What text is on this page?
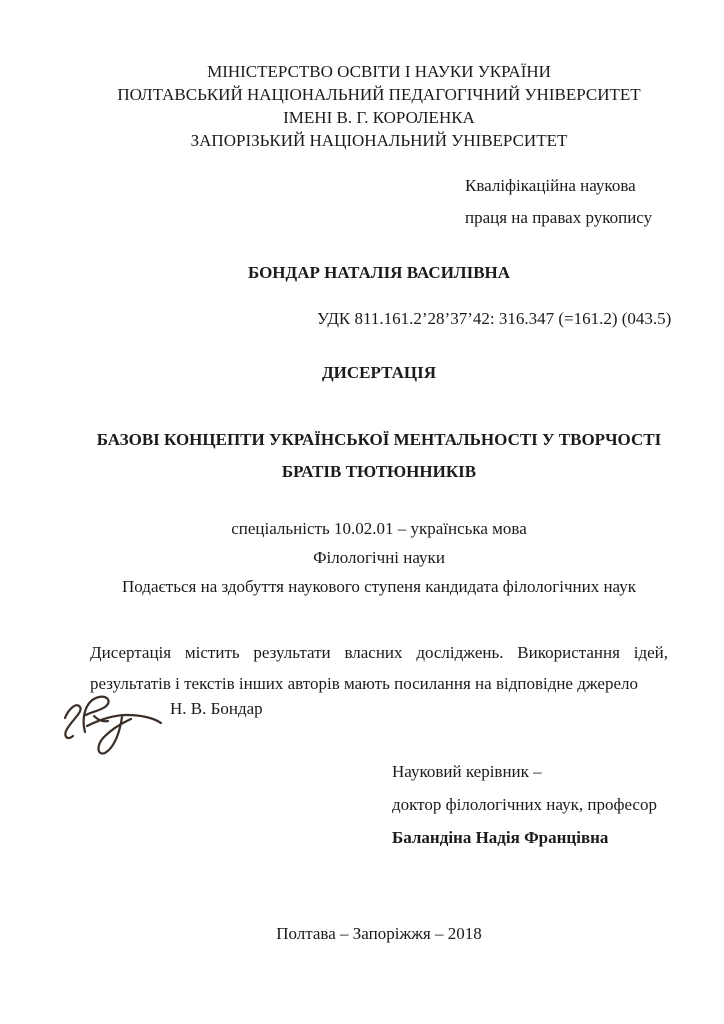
МІНІСТЕРСТВО ОСВІТИ І НАУКИ УКРАЇНИ
ПОЛТАВСЬКИЙ НАЦІОНАЛЬНИЙ ПЕДАГОГІЧНИЙ УНІВЕРСИТЕТ
ІМЕНІ В. Г. КОРОЛЕНКА
ЗАПОРІЗЬКИЙ НАЦІОНАЛЬНИЙ УНІВЕРСИТЕТ
Кваліфікаційна наукова
праця на правах рукопису
БОНДАР НАТАЛІЯ ВАСИЛІВНА
УДК 811.161.2’28’37’42: 316.347 (=161.2) (043.5)
ДИСЕРТАЦІЯ
БАЗОВІ КОНЦЕПТИ УКРАЇНСЬКОЇ МЕНТАЛЬНОСТІ У ТВОРЧОСТІ
БРАТІВ ТЮТЮННИКІВ
спеціальність 10.02.01 – українська мова
Філологічні науки
Подається на здобуття наукового ступеня кандидата філологічних наук
Дисертація містить результати власних досліджень. Використання ідей,
результатів і текстів інших авторів мають посилання на відповідне джерело
Н. В. Бондар
Науковий керівник –
доктор філологічних наук, професор
Баландіна Надія Францівна
Полтава – Запоріжжя – 2018
